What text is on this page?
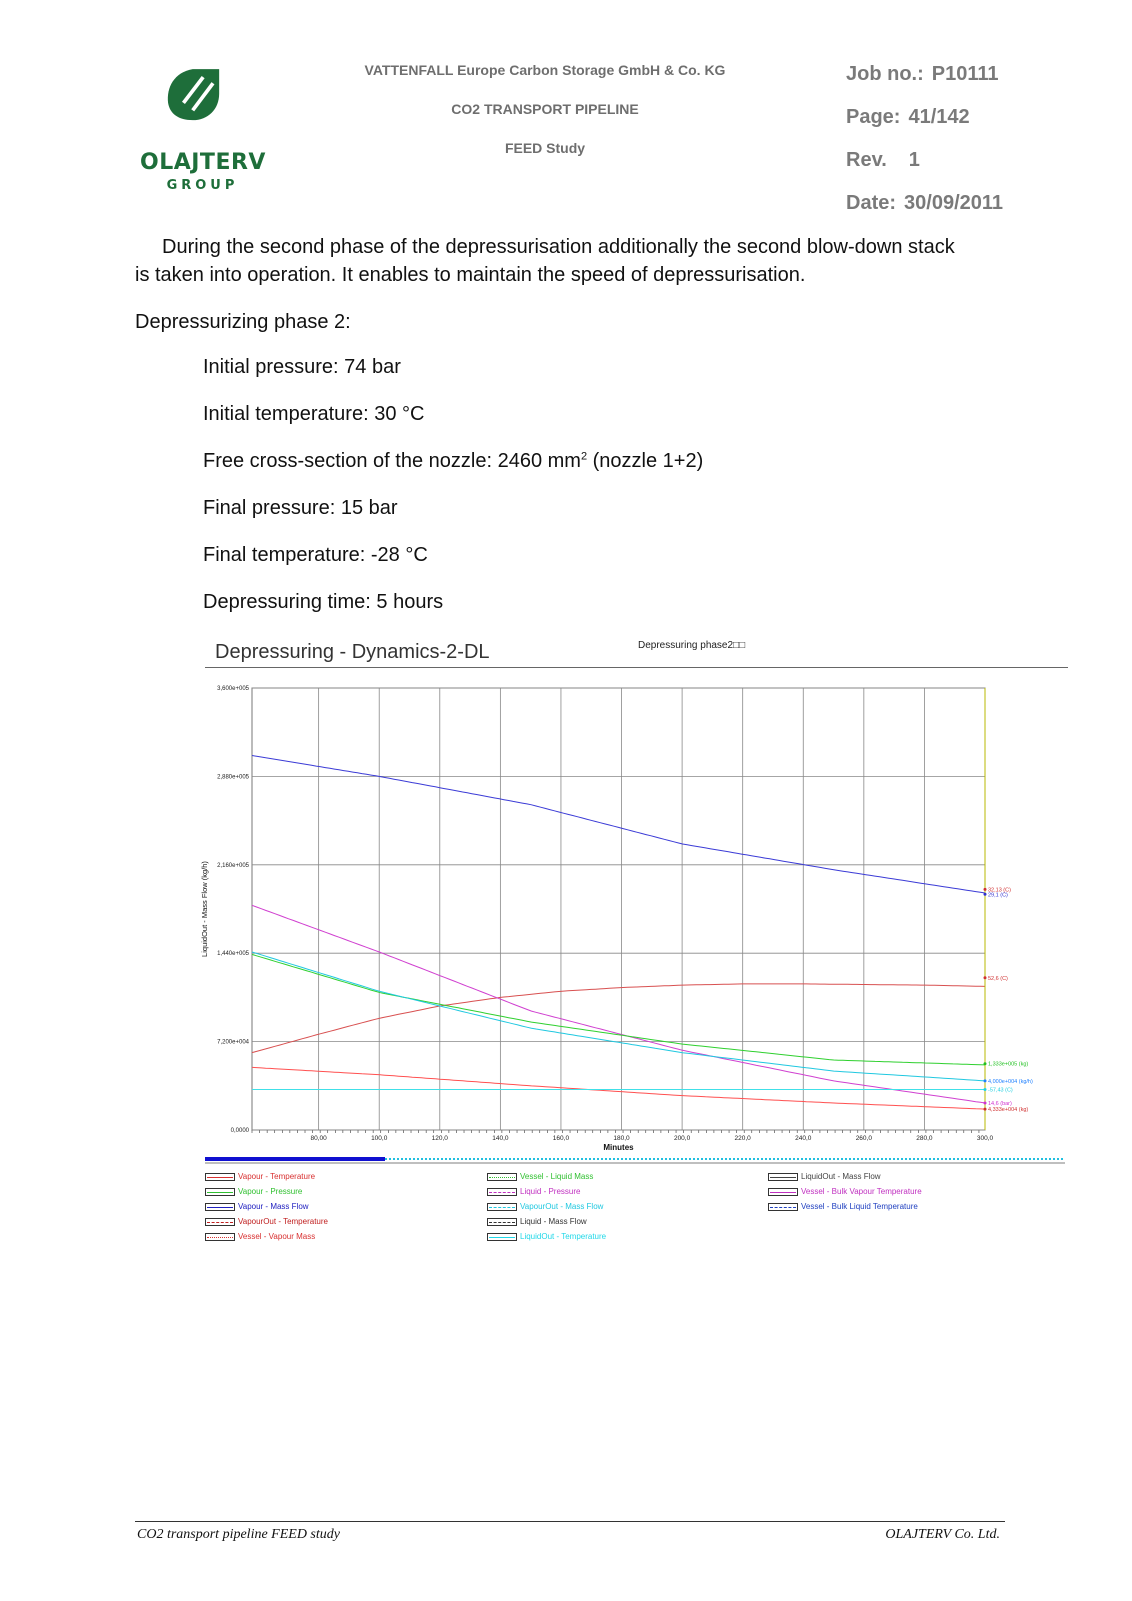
OLAJTERV
GROUP
VATTENFALL Europe Carbon Storage GmbH & Co. KG
CO2 TRANSPORT PIPELINE
FEED Study
Job no.: P10111
Page: 41/142
Rev. 1
Date: 30/09/2011
During the second phase of the depressurisation additionally the second blow-down stack
is taken into operation. It enables to maintain the speed of depressurisation.
Depressurizing phase 2:
Initial pressure: 74 bar
Initial temperature: 30 °C
Free cross-section of the nozzle: 2460 $mm^2$ (nozzle 1+2)
Final pressure: 15 bar
Final temperature: -28 °C
Depressuring time: 5 hours
Depressuring - Dynamics-2-DL	Depressuring phase2□□
80,00	100,0	120,0	140,0	160,0	180,0	200,0	220,0	240,0	260,0	280,0	300,0
3,600e+005
2,880e+005
2,160e+005
1,440e+005
7,200e+004
0,0000
32,13 (C)
29,1 (C)
52,6 (C)
1,333e+005 (kg)
4,000e+004 (kg/h)
-57,43 (C)
14,6 (bar)
4,333e+004 (kg)
Minutes
LiquidOut - Mass Flow (kg/h)
Vapour - Temperature
Vapour - Pressure
Vapour - Mass Flow
VapourOut - Temperature
Vessel - Vapour Mass
Vessel - Liquid Mass
Liquid - Pressure
VapourOut - Mass Flow
Liquid - Mass Flow
LiquidOut - Temperature
LiquidOut - Mass Flow
Vessel - Bulk Vapour Temperature
Vessel - Bulk Liquid Temperature
CO2 transport pipeline FEED study	OLAJTERV Co. Ltd.
